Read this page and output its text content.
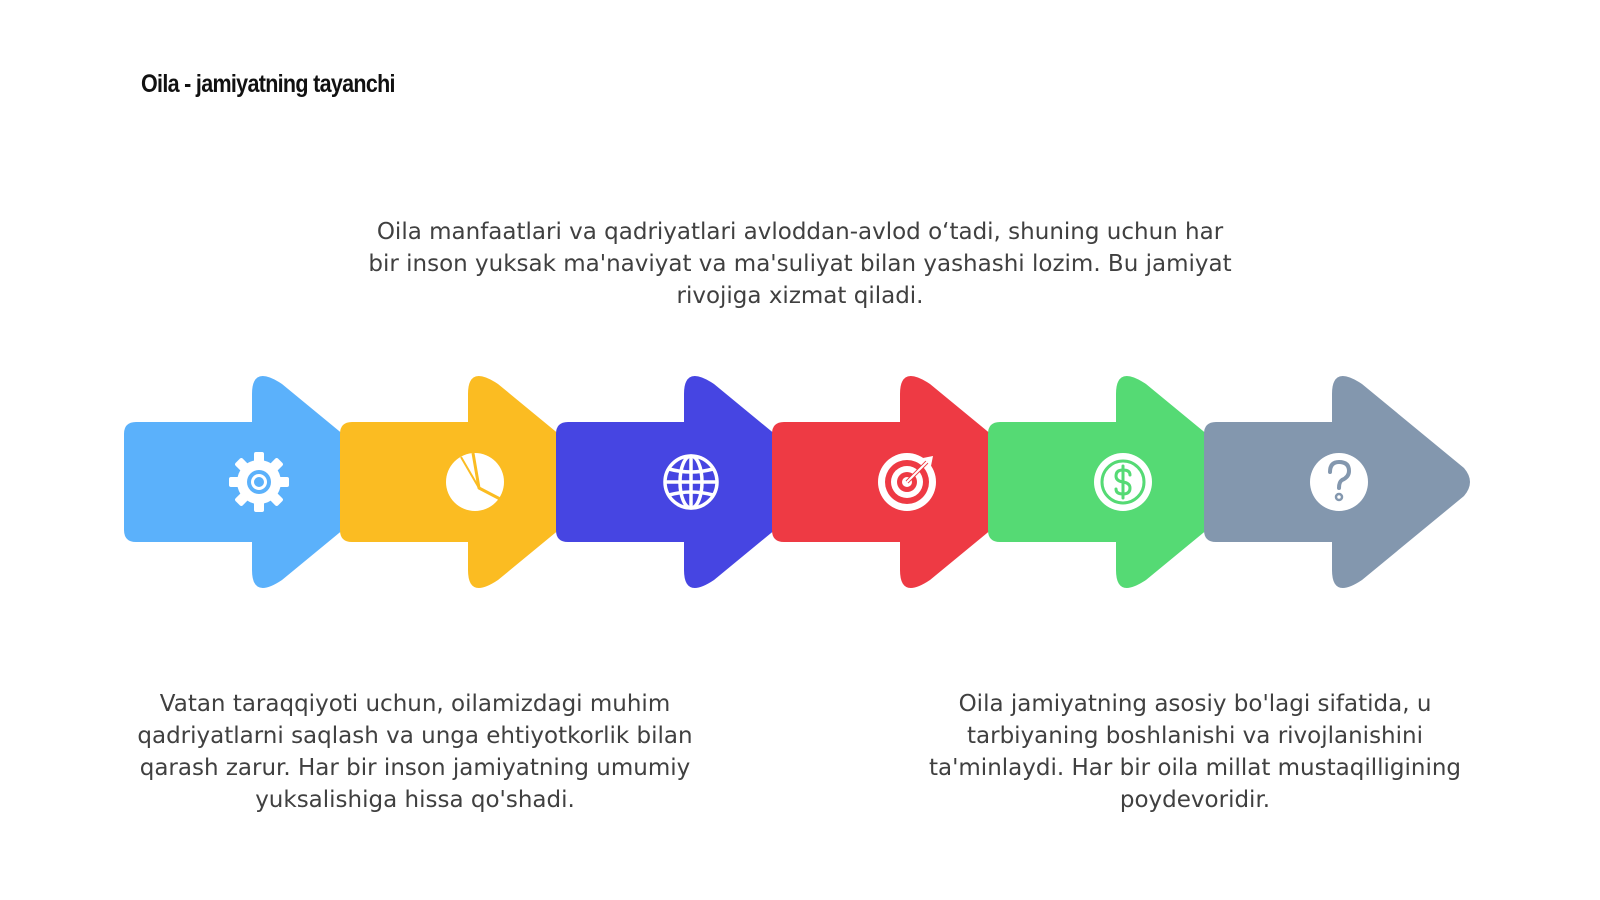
Oila - jamiyatning tayanchi

Oila manfaatlari va qadriyatlari avloddan-avlod o‘tadi, shuning uchun har bir inson yuksak ma'naviyat va ma'suliyat bilan yashashi lozim. Bu jamiyat rivojiga xizmat qiladi.

Vatan taraqqiyoti uchun, oilamizdagi muhim qadriyatlarni saqlash va unga ehtiyotkorlik bilan qarash zarur. Har bir inson jamiyatning umumiy yuksalishiga hissa qo'shadi.

Oila jamiyatning asosiy bo'lagi sifatida, u tarbiyaning boshlanishi va rivojlanishini ta'minlaydi. Har bir oila millat mustaqilligining poydevoridir.
